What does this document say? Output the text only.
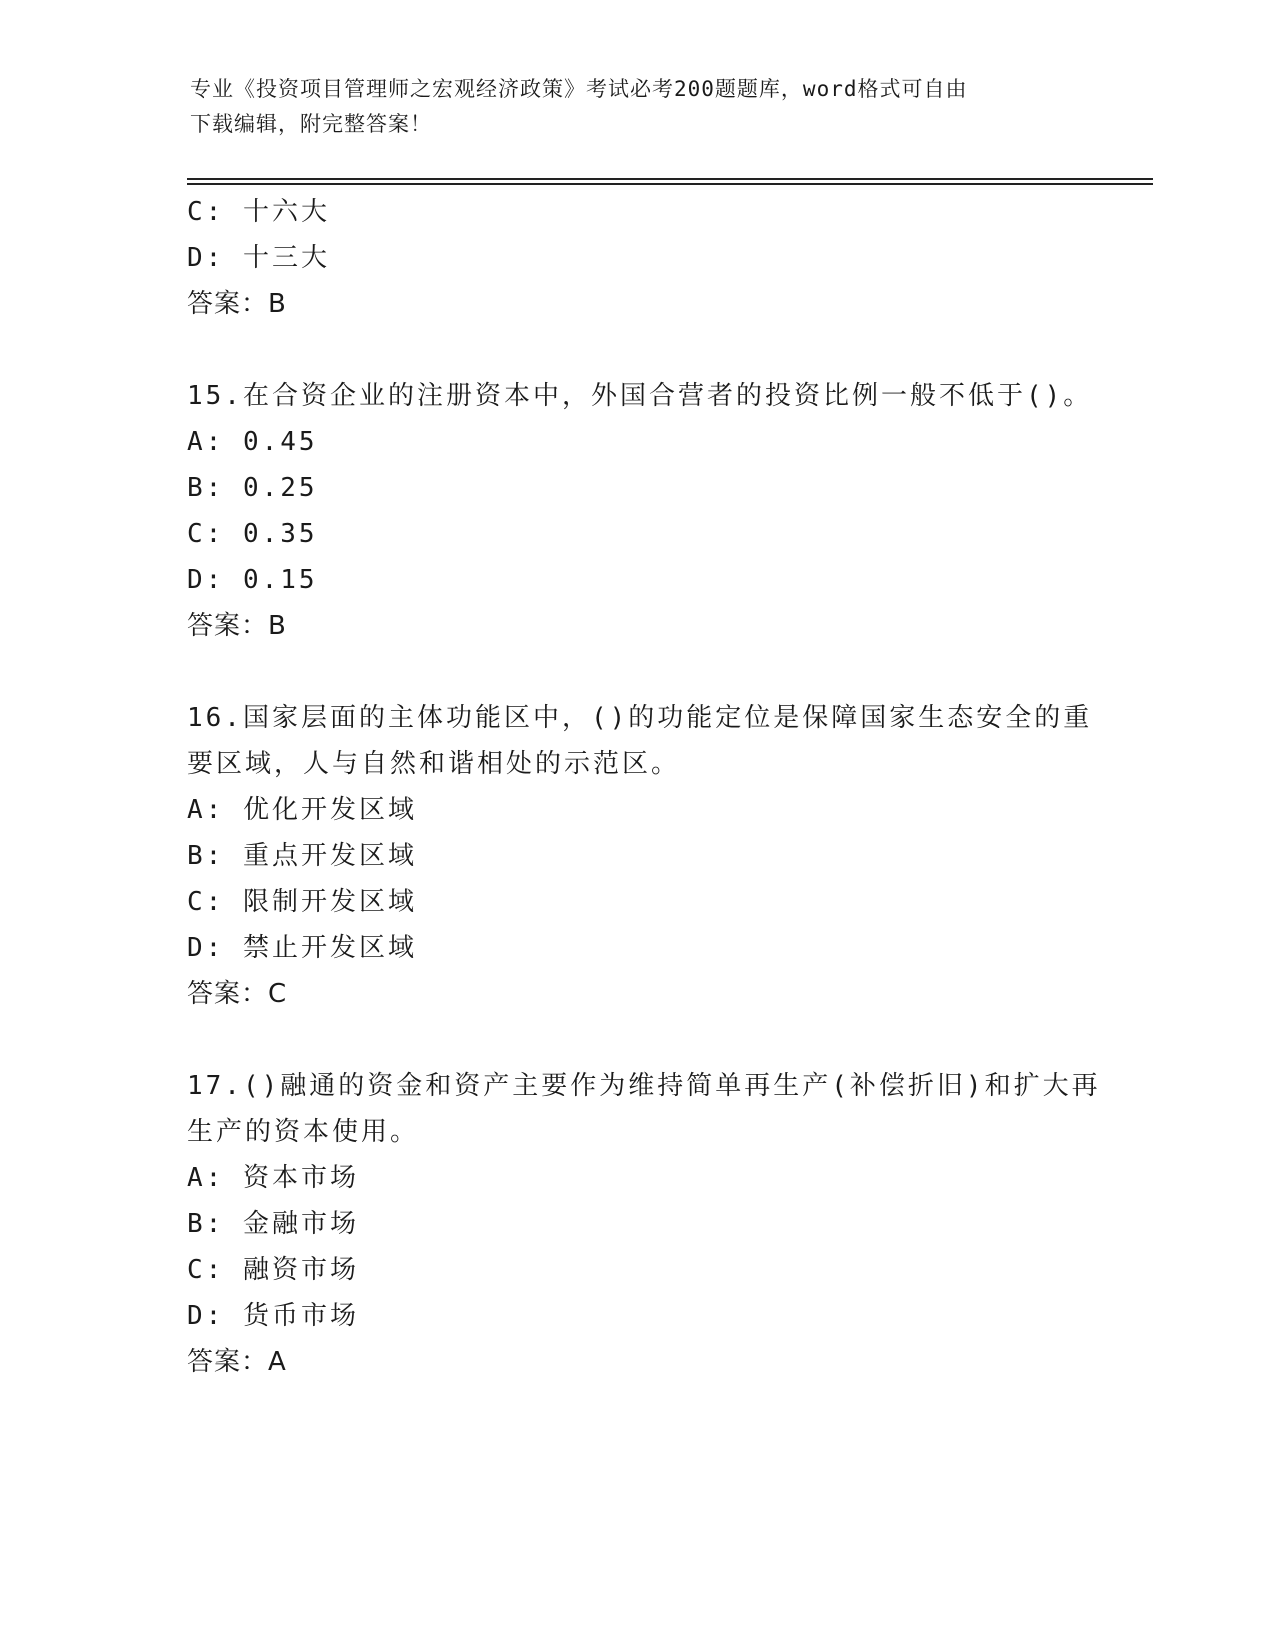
专业《投资项目管理师之宏观经济政策》考试必考200题题库，word格式可自由
下载编辑，附完整答案！
C: 十六大
D: 十三大
答案：B
15.在合资企业的注册资本中，外国合营者的投资比例一般不低于()。
A: 0.45
B: 0.25
C: 0.35
D: 0.15
答案：B
16.国家层面的主体功能区中，()的功能定位是保障国家生态安全的重
要区域，人与自然和谐相处的示范区。
A: 优化开发区域
B: 重点开发区域
C: 限制开发区域
D: 禁止开发区域
答案：C
17.()融通的资金和资产主要作为维持简单再生产(补偿折旧)和扩大再
生产的资本使用。
A: 资本市场
B: 金融市场
C: 融资市场
D: 货币市场
答案：A
